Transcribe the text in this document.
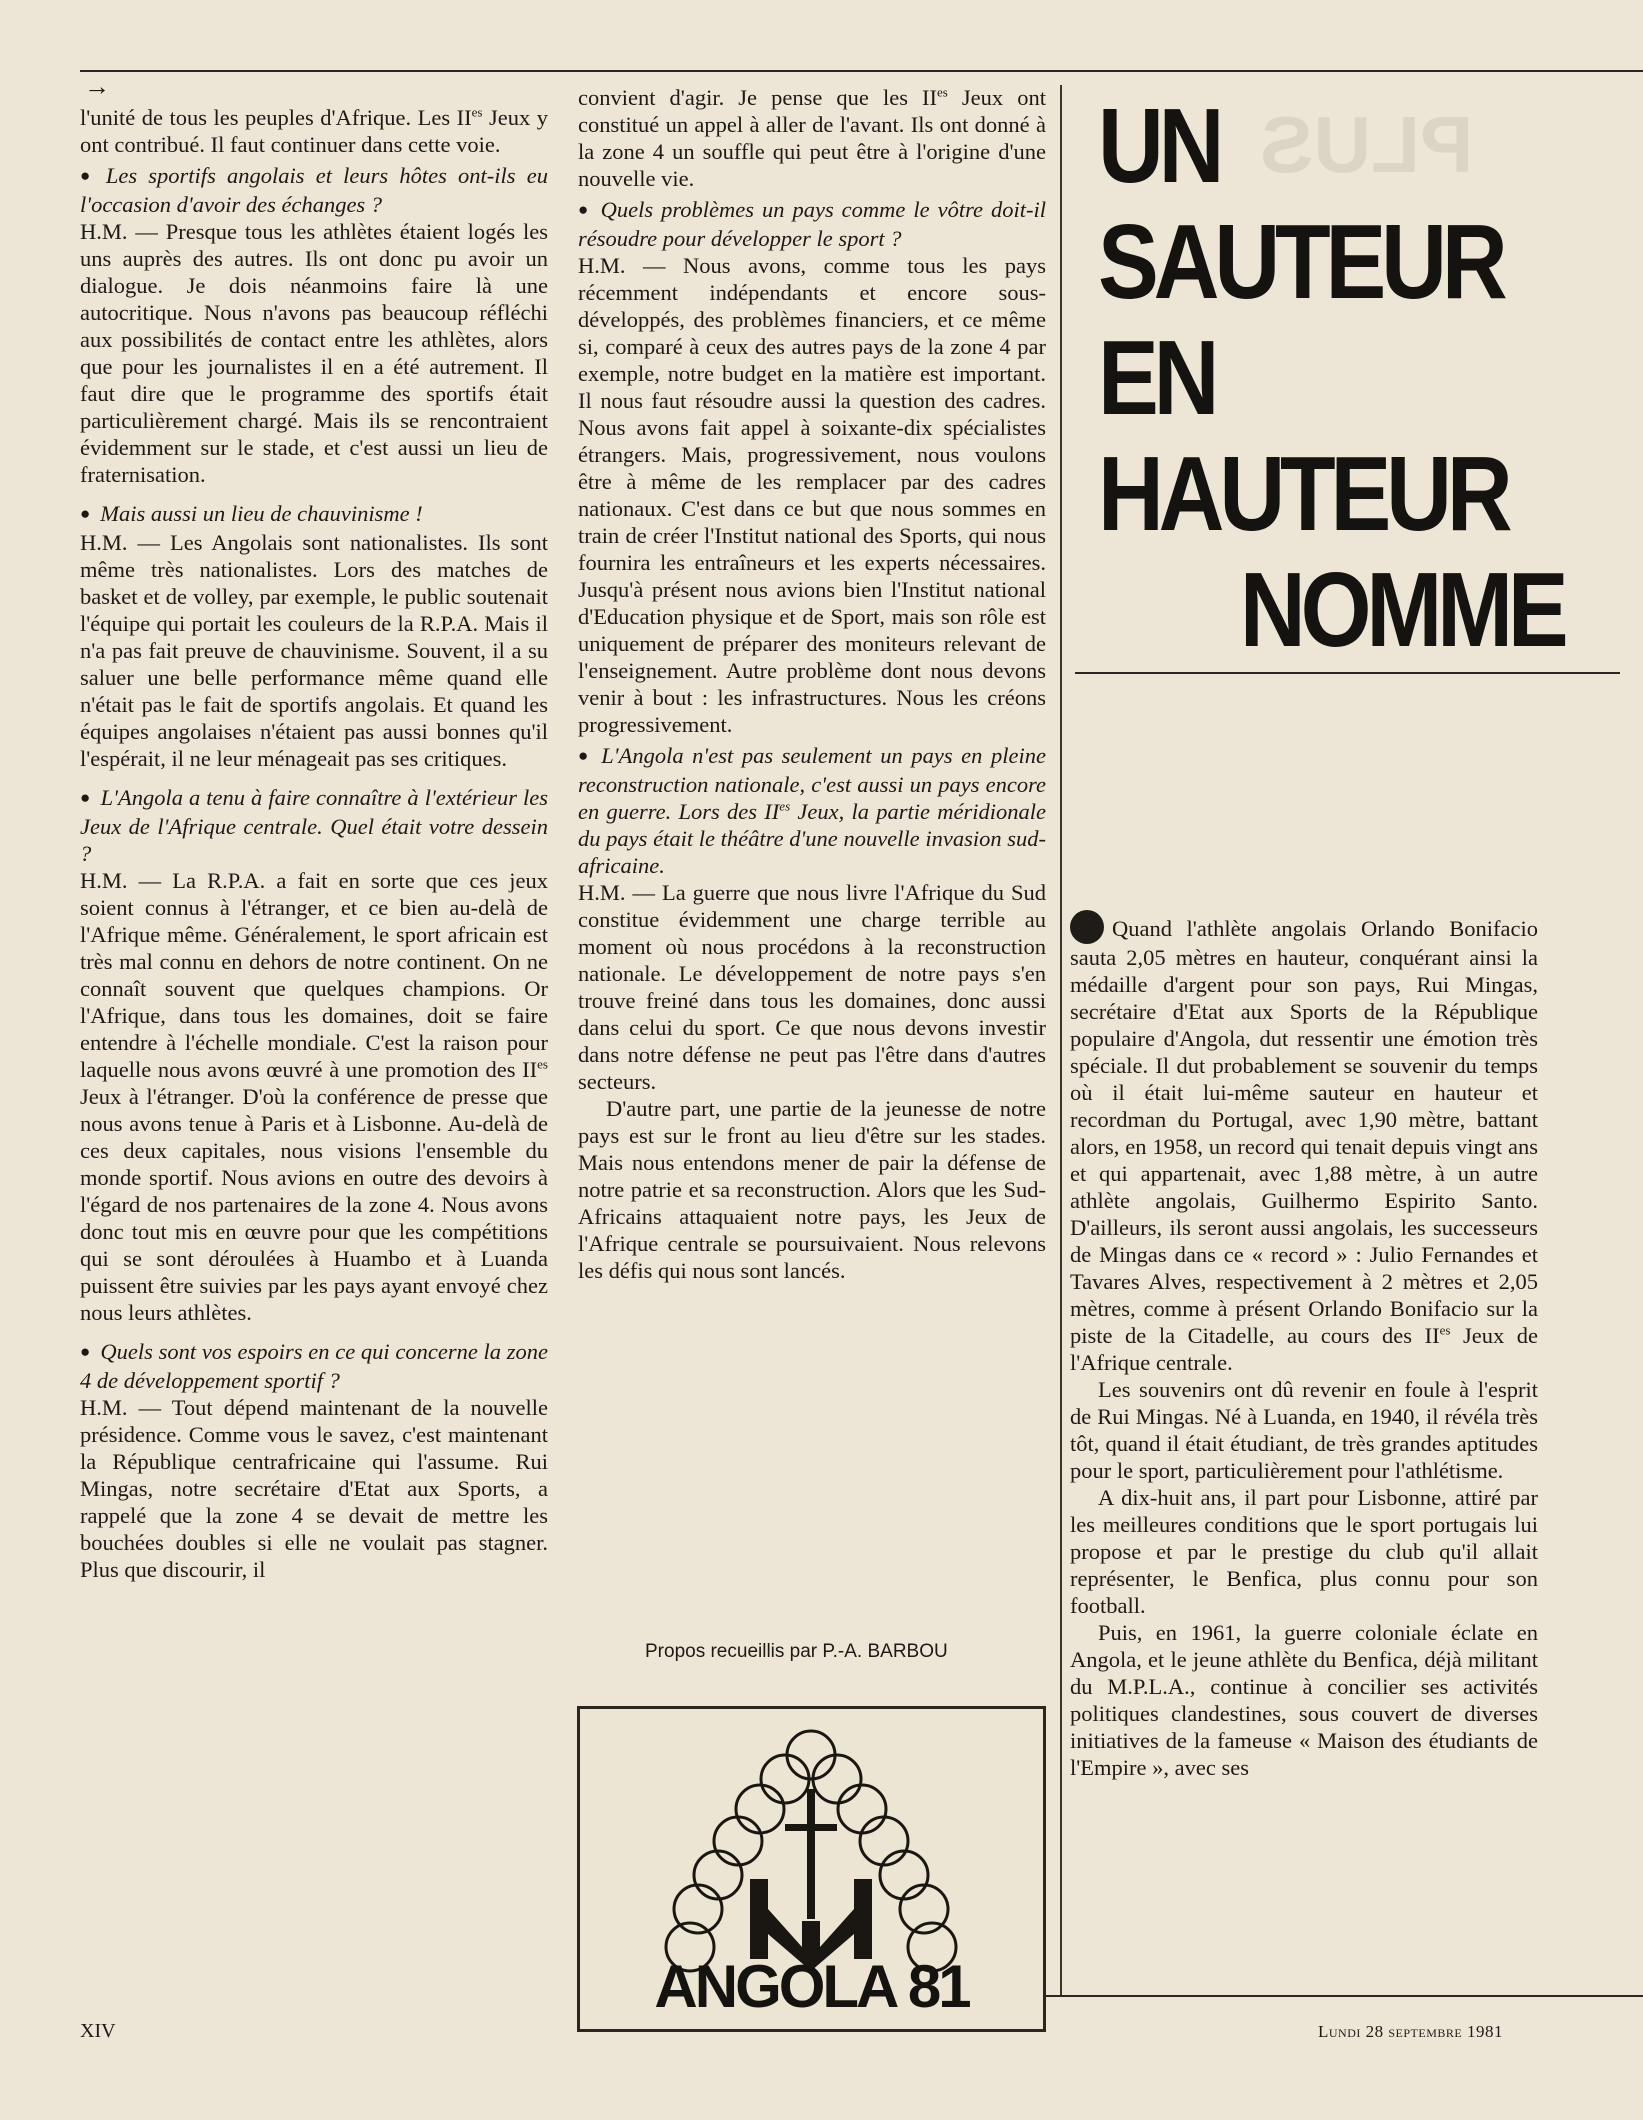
→

l'unité de tous les peuples d'Afrique. Les $II^{es}$ Jeux y ont contribué. Il faut continuer dans cette voie.

● Les sportifs angolais et leurs hôtes ont-ils eu l'occasion d'avoir des échanges ?

H.M. — Presque tous les athlètes étaient logés les uns auprès des autres. Ils ont donc pu avoir un dialogue. Je dois néanmoins faire là une autocritique. Nous n'avons pas beaucoup réfléchi aux possibilités de contact entre les athlètes, alors que pour les journalistes il en a été autrement. Il faut dire que le programme des sportifs était particulièrement chargé. Mais ils se rencontraient évidemment sur le stade, et c'est aussi un lieu de fraternisation.

● Mais aussi un lieu de chauvinisme !

H.M. — Les Angolais sont nationalistes. Ils sont même très nationalistes. Lors des matches de basket et de volley, par exemple, le public soutenait l'équipe qui portait les couleurs de la R.P.A. Mais il n'a pas fait preuve de chauvinisme. Souvent, il a su saluer une belle performance même quand elle n'était pas le fait de sportifs angolais. Et quand les équipes angolaises n'étaient pas aussi bonnes qu'il l'espérait, il ne leur ménageait pas ses critiques.

● L'Angola a tenu à faire connaître à l'extérieur les Jeux de l'Afrique centrale. Quel était votre dessein ?

H.M. — La R.P.A. a fait en sorte que ces jeux soient connus à l'étranger, et ce bien au-delà de l'Afrique même. Généralement, le sport africain est très mal connu en dehors de notre continent. On ne connaît souvent que quelques champions. Or l'Afrique, dans tous les domaines, doit se faire entendre à l'échelle mondiale. C'est la raison pour laquelle nous avons œuvré à une promotion des $II^{es}$ Jeux à l'étranger. D'où la conférence de presse que nous avons tenue à Paris et à Lisbonne. Au-delà de ces deux capitales, nous visions l'ensemble du monde sportif. Nous avions en outre des devoirs à l'égard de nos partenaires de la zone 4. Nous avons donc tout mis en œuvre pour que les compétitions qui se sont déroulées à Huambo et à Luanda puissent être suivies par les pays ayant envoyé chez nous leurs athlètes.

● Quels sont vos espoirs en ce qui concerne la zone 4 de développement sportif ?

H.M. — Tout dépend maintenant de la nouvelle présidence. Comme vous le savez, c'est maintenant la République centrafricaine qui l'assume. Rui Mingas, notre secrétaire d'Etat aux Sports, a rappelé que la zone 4 se devait de mettre les bouchées doubles si elle ne voulait pas stagner. Plus que discourir, il

convient d'agir. Je pense que les $II^{es}$ Jeux ont constitué un appel à aller de l'avant. Ils ont donné à la zone 4 un souffle qui peut être à l'origine d'une nouvelle vie.

● Quels problèmes un pays comme le vôtre doit-il résoudre pour développer le sport ?

H.M. — Nous avons, comme tous les pays récemment indépendants et encore sous-développés, des problèmes financiers, et ce même si, comparé à ceux des autres pays de la zone 4 par exemple, notre budget en la matière est important. Il nous faut résoudre aussi la question des cadres. Nous avons fait appel à soixante-dix spécialistes étrangers. Mais, progressivement, nous voulons être à même de les remplacer par des cadres nationaux. C'est dans ce but que nous sommes en train de créer l'Institut national des Sports, qui nous fournira les entraîneurs et les experts nécessaires. Jusqu'à présent nous avions bien l'Institut national d'Education physique et de Sport, mais son rôle est uniquement de préparer des moniteurs relevant de l'enseignement. Autre problème dont nous devons venir à bout : les infrastructures. Nous les créons progressivement.

● L'Angola n'est pas seulement un pays en pleine reconstruction nationale, c'est aussi un pays encore en guerre. Lors des $II^{es}$ Jeux, la partie méridionale du pays était le théâtre d'une nouvelle invasion sud-africaine.

H.M. — La guerre que nous livre l'Afrique du Sud constitue évidemment une charge terrible au moment où nous procédons à la reconstruction nationale. Le développement de notre pays s'en trouve freiné dans tous les domaines, donc aussi dans celui du sport. Ce que nous devons investir dans notre défense ne peut pas l'être dans d'autres secteurs.

D'autre part, une partie de la jeunesse de notre pays est sur le front au lieu d'être sur les stades. Mais nous entendons mener de pair la défense de notre patrie et sa reconstruction. Alors que les Sud-Africains attaquaient notre pays, les Jeux de l'Afrique centrale se poursuivaient. Nous relevons les défis qui nous sont lancés.

Propos recueillis par P.-A. BARBOU
ANGOLA 81
PLUS
UN
SAUTEUR
EN
HAUTEUR
NOMME

Quand l'athlète angolais Orlando Bonifacio sauta 2,05 mètres en hauteur, conquérant ainsi la médaille d'argent pour son pays, Rui Mingas, secrétaire d'Etat aux Sports de la République populaire d'Angola, dut ressentir une émotion très spéciale. Il dut probablement se souvenir du temps où il était lui-même sauteur en hauteur et recordman du Portugal, avec 1,90 mètre, battant alors, en 1958, un record qui tenait depuis vingt ans et qui appartenait, avec 1,88 mètre, à un autre athlète angolais, Guilhermo Espirito Santo. D'ailleurs, ils seront aussi angolais, les successeurs de Mingas dans ce « record » : Julio Fernandes et Tavares Alves, respectivement à 2 mètres et 2,05 mètres, comme à présent Orlando Bonifacio sur la piste de la Citadelle, au cours des $II^{es}$ Jeux de l'Afrique centrale.

Les souvenirs ont dû revenir en foule à l'esprit de Rui Mingas. Né à Luanda, en 1940, il révéla très tôt, quand il était étudiant, de très grandes aptitudes pour le sport, particulièrement pour l'athlétisme.

A dix-huit ans, il part pour Lisbonne, attiré par les meilleures conditions que le sport portugais lui propose et par le prestige du club qu'il allait représenter, le Benfica, plus connu pour son football.

Puis, en 1961, la guerre coloniale éclate en Angola, et le jeune athlète du Benfica, déjà militant du M.P.L.A., continue à concilier ses activités politiques clandestines, sous couvert de diverses initiatives de la fameuse « Maison des étudiants de l'Empire », avec ses

XIV	Lundi 28 septembre 1981
